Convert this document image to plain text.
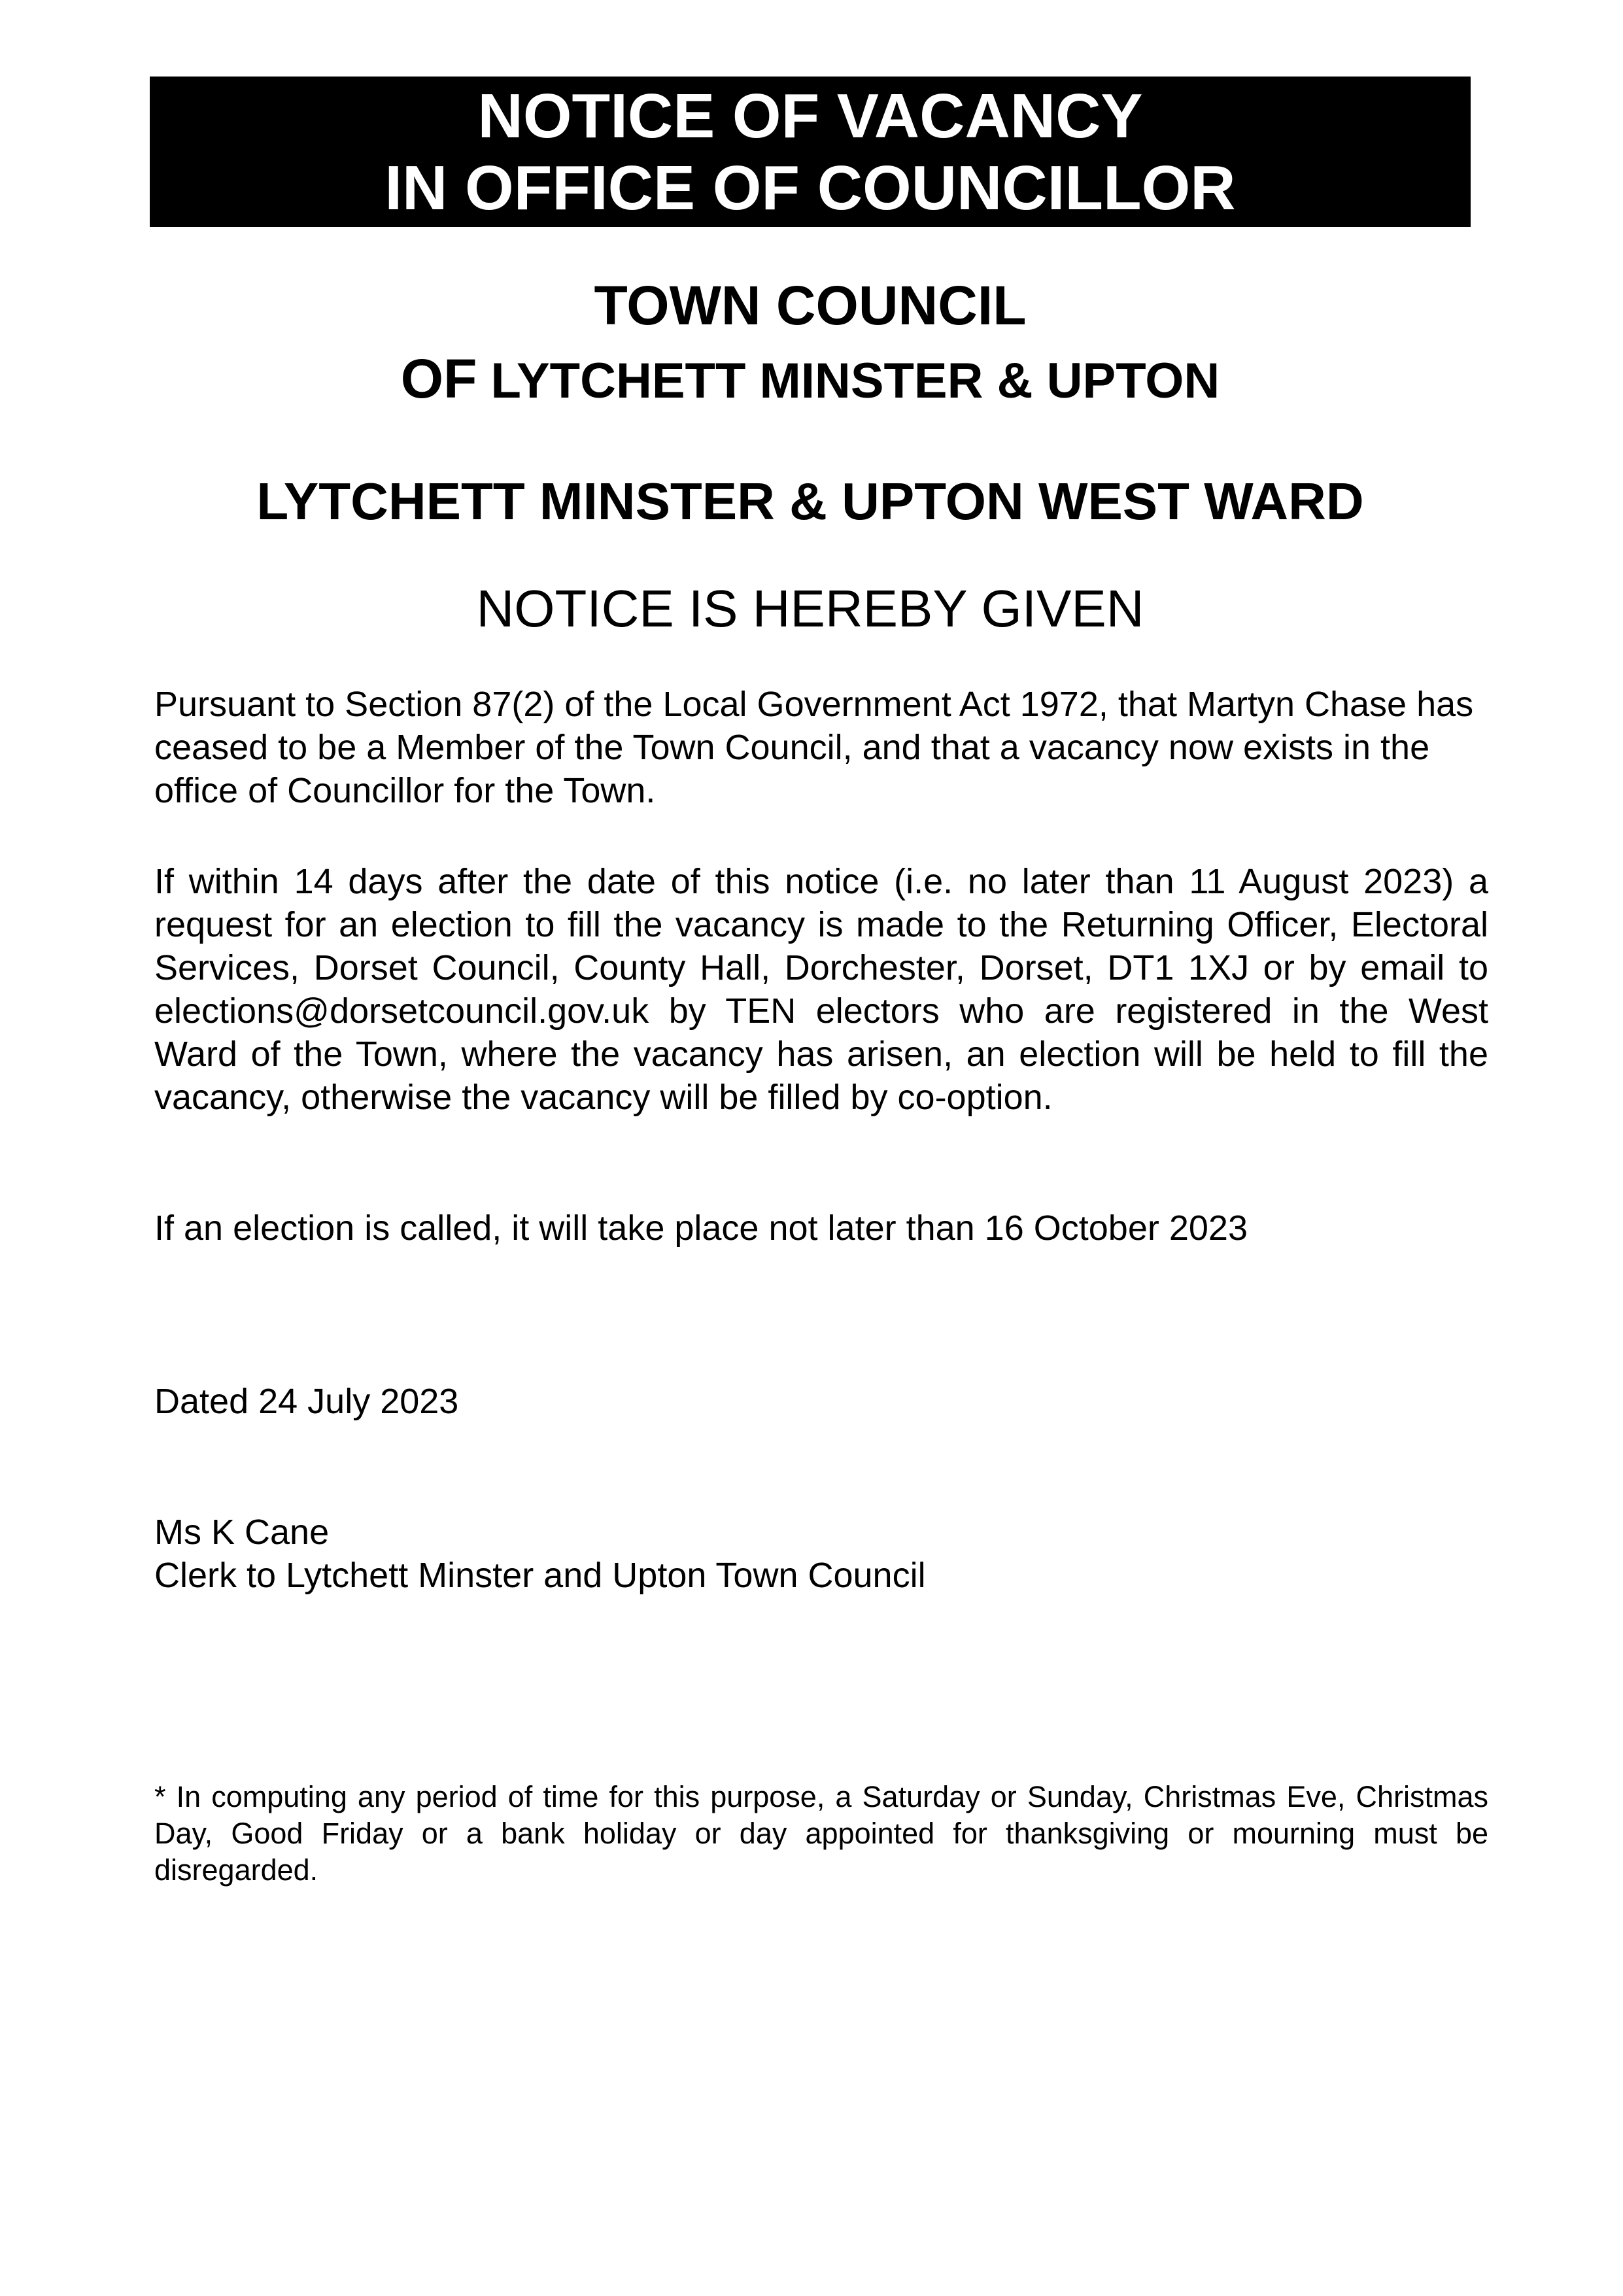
NOTICE OF VACANCY
IN OFFICE OF COUNCILLOR
TOWN COUNCIL
OF LYTCHETT MINSTER & UPTON
LYTCHETT MINSTER & UPTON WEST WARD
NOTICE IS HEREBY GIVEN
Pursuant to Section 87(2) of the Local Government Act 1972, that Martyn Chase has ceased to be a Member of the Town Council, and that a vacancy now exists in the office of Councillor for the Town.
If within 14 days after the date of this notice (i.e. no later than 11 August 2023) a request for an election to fill the vacancy is made to the Returning Officer, Electoral Services, Dorset Council, County Hall, Dorchester, Dorset, DT1 1XJ or by email to elections@dorsetcouncil.gov.uk by TEN electors who are registered in the West Ward of the Town, where the vacancy has arisen, an election will be held to fill the vacancy, otherwise the vacancy will be filled by co-option.
If an election is called, it will take place not later than 16 October 2023
Dated 24 July 2023
Ms K Cane
Clerk to Lytchett Minster and Upton Town Council
* In computing any period of time for this purpose, a Saturday or Sunday, Christmas Eve, Christmas Day, Good Friday or a bank holiday or day appointed for thanksgiving or mourning must be disregarded.
